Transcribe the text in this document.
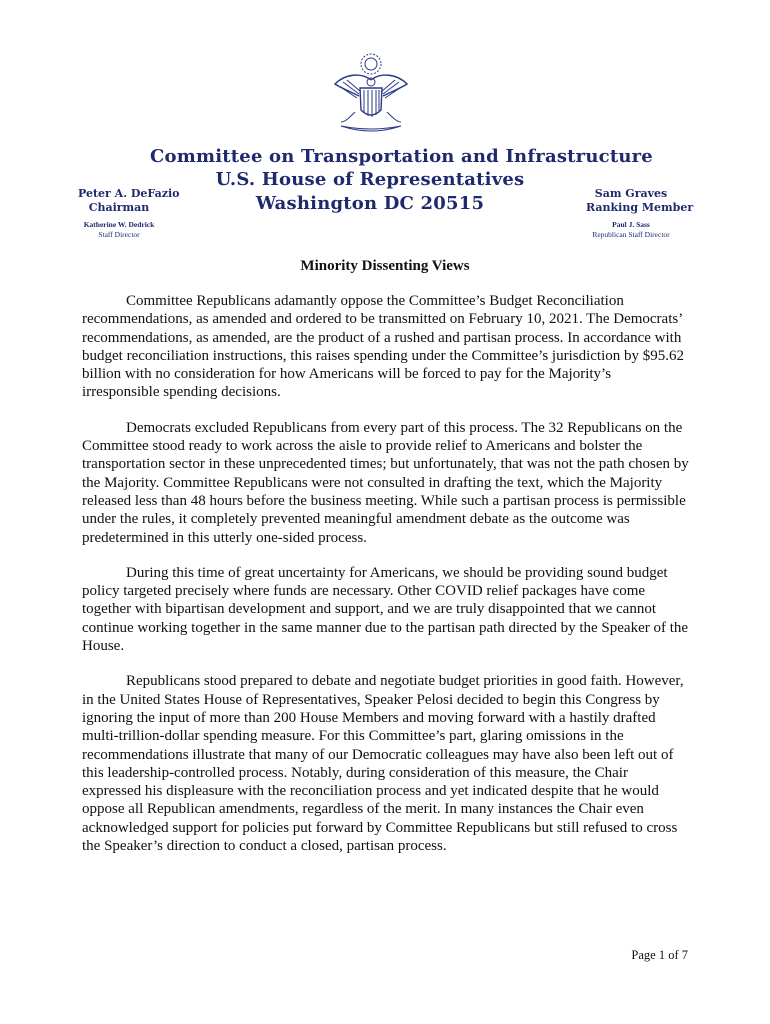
Committee on Transportation and Infrastructure
U.S. House of Representatives
Washington DC 20515
Peter A. DeFazio
Chairman
Katherine W. Dedrick
Staff Director
Sam Graves
Ranking Member
Paul J. Sass
Republican Staff Director
Minority Dissenting Views

Committee Republicans adamantly oppose the Committee’s Budget Reconciliation recommendations, as amended and ordered to be transmitted on February 10, 2021. The Democrats’ recommendations, as amended, are the product of a rushed and partisan process. In accordance with budget reconciliation instructions, this raises spending under the Committee’s jurisdiction by $95.62 billion with no consideration for how Americans will be forced to pay for the Majority’s irresponsible spending decisions.

Democrats excluded Republicans from every part of this process. The 32 Republicans on the Committee stood ready to work across the aisle to provide relief to Americans and bolster the transportation sector in these unprecedented times; but unfortunately, that was not the path chosen by the Majority. Committee Republicans were not consulted in drafting the text, which the Majority released less than 48 hours before the business meeting. While such a partisan process is permissible under the rules, it completely prevented meaningful amendment debate as the outcome was predetermined in this utterly one-sided process.

During this time of great uncertainty for Americans, we should be providing sound budget policy targeted precisely where funds are necessary. Other COVID relief packages have come together with bipartisan development and support, and we are truly disappointed that we cannot continue working together in the same manner due to the partisan path directed by the Speaker of the House.

Republicans stood prepared to debate and negotiate budget priorities in good faith. However, in the United States House of Representatives, Speaker Pelosi decided to begin this Congress by ignoring the input of more than 200 House Members and moving forward with a hastily drafted multi-trillion-dollar spending measure. For this Committee’s part, glaring omissions in the recommendations illustrate that many of our Democratic colleagues may have also been left out of this leadership-controlled process. Notably, during consideration of this measure, the Chair expressed his displeasure with the reconciliation process and yet indicated despite that he would oppose all Republican amendments, regardless of the merit. In many instances the Chair even acknowledged support for policies put forward by Committee Republicans but still refused to cross the Speaker’s direction to conduct a closed, partisan process.

Page 1 of 7
